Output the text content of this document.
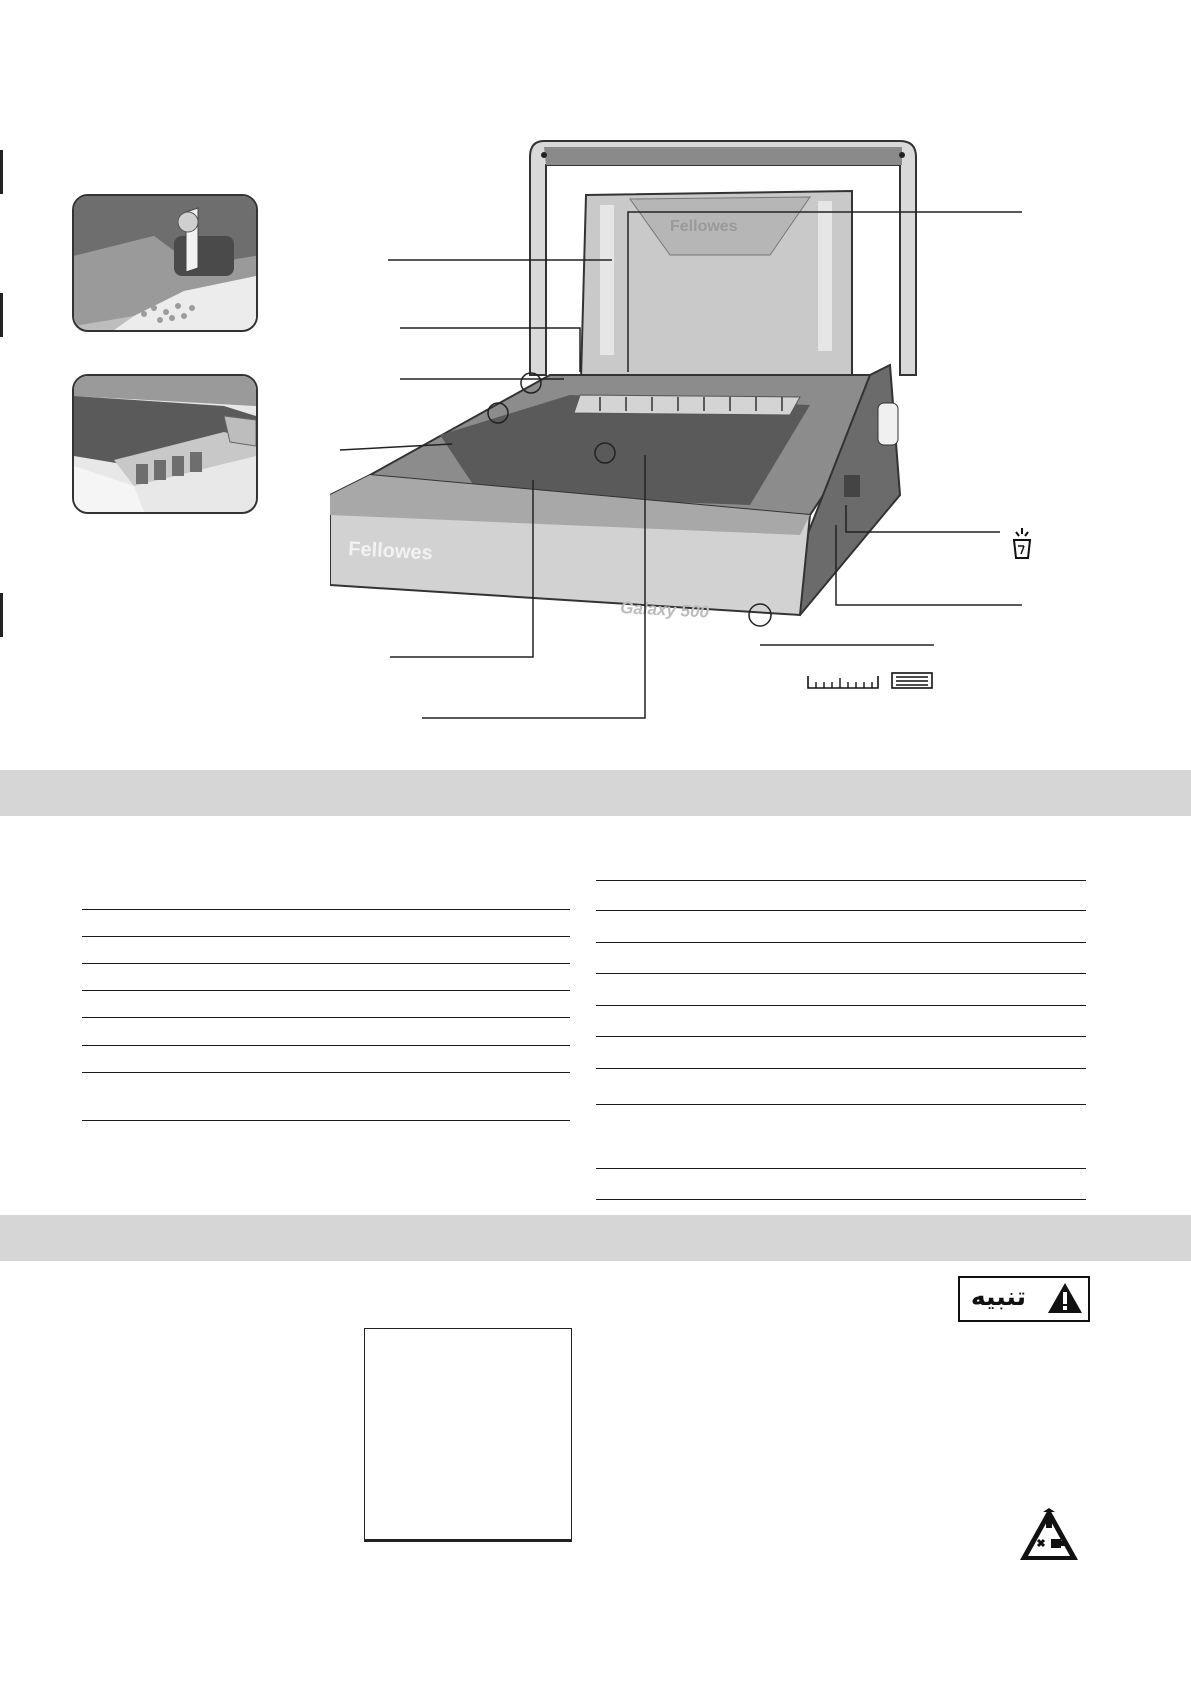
Fellowes
Fellowes
Galaxy 500
تنبيه
